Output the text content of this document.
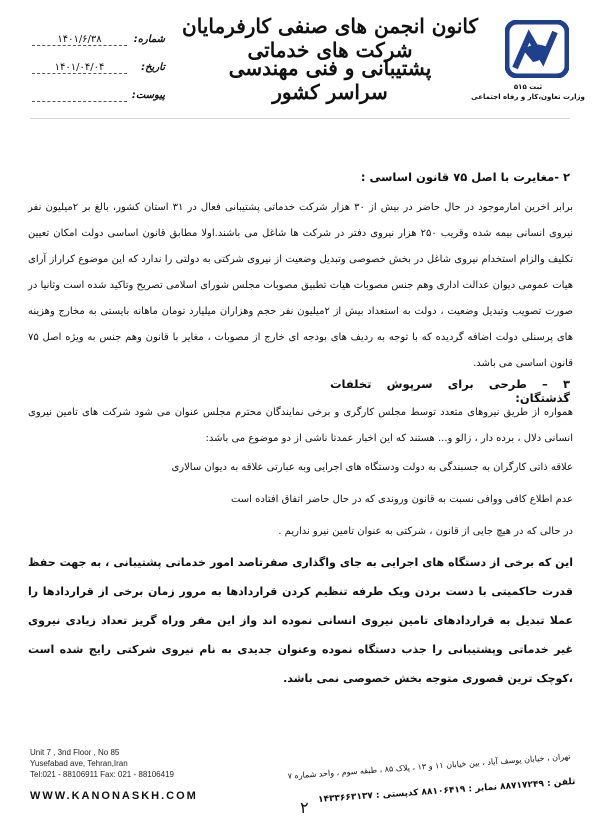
ثبت ۵۱۵
وزارت تعاون،کار و رفاه اجتماعی
کانون انجمن های صنفی کارفرمایان شرکت های خدماتی
پشتیبانی و فنی مهندسی سراسر کشور
شماره:۱۴۰۱/۶/۳۸
تاریخ:۱۴۰۱/۰۴/۰۴
پیوست:
۲ -مغایرت با اصل ۷۵ قانون اساسی :
برابر اخرین امارموجود در حال حاضر در بیش از ۳۰ هزار شرکت خدماتی پشتیبانی فعال در ۳۱ استان کشور، بالغ بر ۲میلیون نفر نیروی انسانی بیمه شده وقریب ۲۵۰ هزار نیروی دفتر در شرکت ها شاغل می باشند.اولا مطابق قانون اساسی دولت امکان تعیین تکلیف والزام استخدام نیروی شاغل در بخش خصوصی وتبدیل وضعیت از نیروی شرکتی به دولتی را ندارد که این موضوع کراراز آرای هیات عمومی دیوان عدالت اداری وهم جنس مصوبات هیات تطبیق مصوبات مجلس شورای اسلامی تصریح وتاکید شده است وثانیا در صورت تصویب وتبدیل وضعیت ، دولت به استعداد بیش از ۲میلیون نفر حجم وهزاران میلیارد تومان ماهانه بایستی به مخارج وهزینه های پرسنلی دولت اضافه گردیده که با توجه به ردیف های بودجه ای خارج از مصوبات ، مغایر با قانون وهم جنس به ویژه اصل ۷۵ قانون اساسی می باشد.
۳ – طرحی برای سرپوش تخلفات گذشتگان:
همواره از طریق نیروهای متعدد توسط مجلس کارگری و برخی نمایندگان محترم مجلس عنوان می شود شرکت های تامین نیروی انسانی دلال ، برده دار ، زالو و... هستند که این اخبار عمدتا ناشی از دو موضوع می باشد:
علاقه ذاتی کارگران به جسبندگی به دولت ودستگاه های اجرایی وبه عبارتی علاقه به دیوان سالاری
عدم اطلاع کافی ووافی نسبت به قانون وروندی که در حال حاضر اتفاق افتاده است
در حالی که در هیچ جایی از قانون ، شرکتی به عنوان تامین نیرو نداریم .
این که برخی از دستگاه های اجرایی به جای واگذاری صفرتاصد امور خدماتی پشتیبانی ، به جهت حفظ قدرت حاکمیتی با دست بردن ویک طرفه تنظیم کردن قراردادها به مرور زمان برخی از قراردادها را عملا تبدیل به قراردادهای تامین نیروی انسانی نموده اند واز این مفر وراه گریز تعداد زیادی نیروی غیر خدماتی وپشتیبانی را جذب دستگاه نموده وعنوان جدیدی به نام نیروی شرکتی رایج شده است ،کوچک ترین قصوری متوجه بخش خصوصی نمی باشد.
Unit 7 , 3nd Floor , No 85
Yusefabad ave, Tehran,Iran
Tel:021 - 88106911 Fax: 021 - 88106419
WWW.KANONASKH.COM
تهران ، خیابان یوسف آباد ، بین خیابان ۱۱ و ۱۳ ، پلاک ۸۵ ، طبقه سوم ، واحد شماره ۷
تلفن : ۸۸۷۱۷۲۴۹ نمابر : ۸۸۱۰۶۴۱۹ کدپستی : ۱۴۳۳۶۶۳۱۳۷
۲
